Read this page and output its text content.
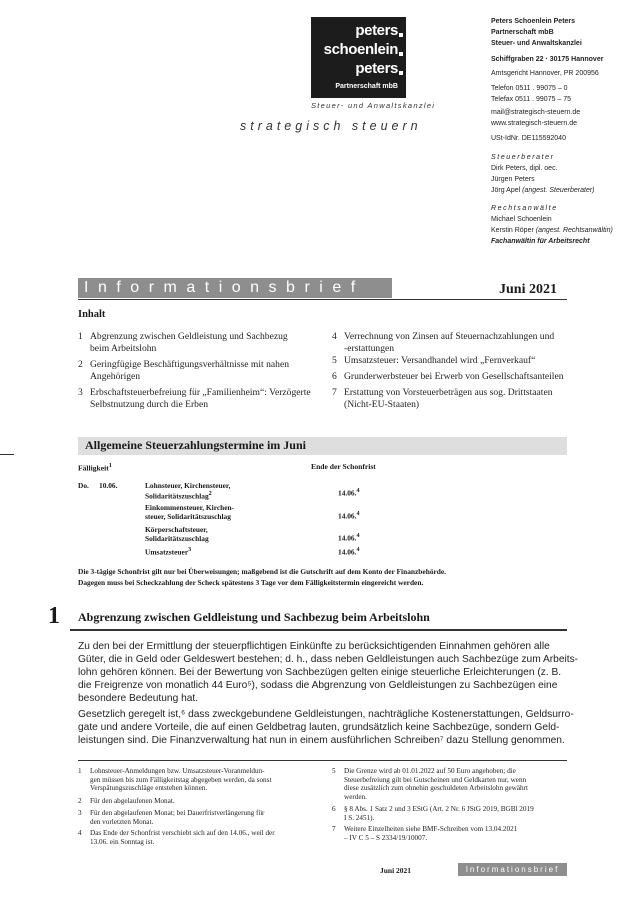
peters
schoenlein
peters
Partnerschaft mbB
Steuer- und Anwaltskanzlei
strategisch steuern
Peters Schoenlein Peters
Partnerschaft mbB
Steuer- und Anwaltskanzlei
Schiffgraben 22 · 30175 Hannover
Amtsgericht Hannover, PR 200956
Telefon 0511 . 99075 – 0
Telefax 0511 . 99075 – 75
mail@strategisch-steuern.de
www.strategisch-steuern.de
USt-IdNr. DE115592040
Steuerberater
Dirk Peters, dipl. oec.
Jürgen Peters
Jörg Apel (angest. Steuerberater)
Rechtsanwälte
Michael Schoenlein
Kerstin Röper (angest. Rechtsanwältin)
Fachanwältin für Arbeitsrecht
Informationsbrief	Juni 2021
Inhalt
1 Abgrenzung zwischen Geldleistung und Sachbezug
beim Arbeitslohn
2 Geringfügige Beschäftigungsverhältnisse mit nahen
Angehörigen
3 Erbschaftsteuerbefreiung für „Familienheim“: Verzögerte
Selbstnutzung durch die Erben
4 Verrechnung von Zinsen auf Steuernachzahlungen und
-erstattungen
5 Umsatzsteuer: Versandhandel wird „Fernverkauf“
6 Grunderwerbsteuer bei Erwerb von Gesellschaftsanteilen
7 Erstattung von Vorsteuerbeträgen aus sog. Drittstaaten
(Nicht-EU-Staaten)
Allgemeine Steuerzahlungstermine im Juni
Fälligkeit$^1$	Ende der Schonfrist
Do. 10.06.	Lohnsteuer, Kirchensteuer,
Solidaritätszuschlag$^2$	14.06.$^4$
Einkommensteuer, Kirchen-
steuer, Solidaritätszuschlag	14.06.$^4$
Körperschaftsteuer,
Solidaritätszuschlag	14.06.$^4$
Umsatzsteuer$^3$	14.06.$^4$
Die 3-tägige Schonfrist gilt nur bei Überweisungen; maßgebend ist die Gutschrift auf dem Konto der Finanzbehörde.
Dagegen muss bei Scheckzahlung der Scheck spätestens 3 Tage vor dem Fälligkeitstermin eingereicht werden.
1 Abgrenzung zwischen Geldleistung und Sachbezug beim Arbeitslohn
Zu den bei der Ermittlung der steuerpflichtigen Einkünfte zu berücksichtigenden Einnahmen gehören alle
Güter, die in Geld oder Geldeswert bestehen; d. h., dass neben Geldleistungen auch Sachbezüge zum Arbeits-
lohn gehören können. Bei der Bewertung von Sachbezügen gelten einige steuerliche Erleichterungen (z. B.
die Freigrenze von monatlich 44 Euro⁵), sodass die Abgrenzung von Geldleistungen zu Sachbezügen eine
besondere Bedeutung hat.
Gesetzlich geregelt ist,⁶ dass zweckgebundene Geldleistungen, nachträgliche Kostenerstattungen, Geldsurro-
gate und andere Vorteile, die auf einen Geldbetrag lauten, grundsätzlich keine Sachbezüge, sondern Geld-
leistungen sind. Die Finanzverwaltung hat nun in einem ausführlichen Schreiben⁷ dazu Stellung genommen.
1 Lohnsteuer-Anmeldungen bzw. Umsatzsteuer-Voranmeldun-
gen müssen bis zum Fälligkeitstag abgegeben werden, da sonst
Verspätungszuschläge entstehen können.
2 Für den abgelaufenen Monat.
3 Für den abgelaufenen Monat; bei Dauerfristverlängerung für
den vorletzten Monat.
4 Das Ende der Schonfrist verschiebt sich auf den 14.06., weil der
13.06. ein Sonntag ist.
5 Die Grenze wird ab 01.01.2022 auf 50 Euro angehoben; die
Steuerbefreiung gilt bei Gutscheinen und Geldkarten nur, wenn
diese zusätzlich zum ohnehin geschuldeten Arbeitslohn gewährt
werden.
6 § 8 Abs. 1 Satz 2 und 3 EStG (Art. 2 Nr. 6 JStG 2019, BGBl 2019
I S. 2451).
7 Weitere Einzelheiten siehe BMF-Schreiben vom 13.04.2021
– IV C 5 – S 2334/19/10007.
Juni 2021	Informationsbrief
